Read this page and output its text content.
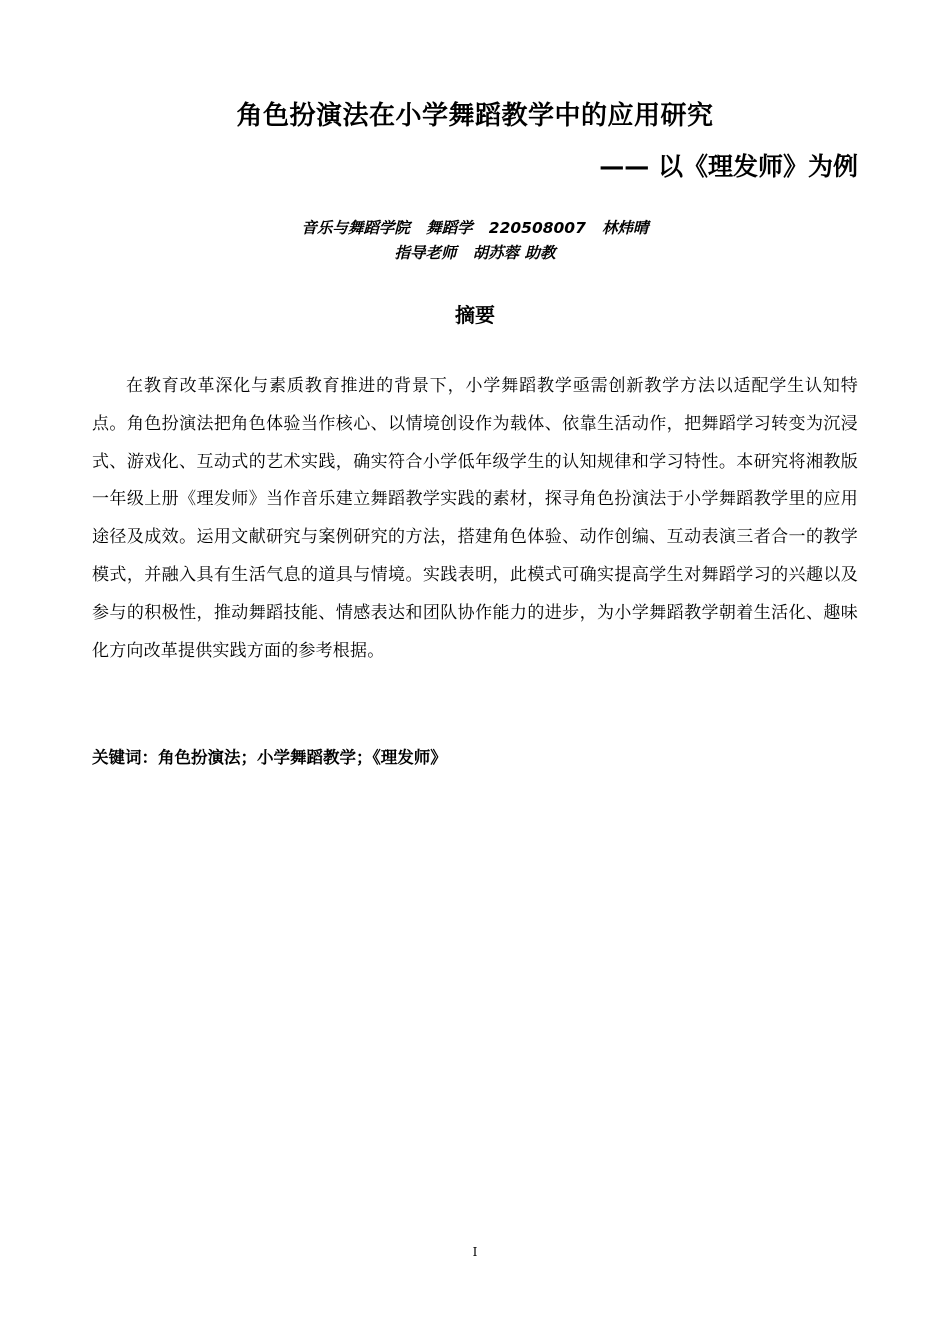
角色扮演法在小学舞蹈教学中的应用研究
—— 以《理发师》为例
音乐与舞蹈学院   舞蹈学   220508007   林炜晴
指导老师   胡苏蓉 助教
摘要
在教育改革深化与素质教育推进的背景下，小学舞蹈教学亟需创新教学方法以适配学生认知特点。角色扮演法把角色体验当作核心、以情境创设作为载体、依靠生活动作，把舞蹈学习转变为沉浸式、游戏化、互动式的艺术实践，确实符合小学低年级学生的认知规律和学习特性。本研究将湘教版一年级上册《理发师》当作音乐建立舞蹈教学实践的素材，探寻角色扮演法于小学舞蹈教学里的应用途径及成效。运用文献研究与案例研究的方法，搭建角色体验、动作创编、互动表演三者合一的教学模式，并融入具有生活气息的道具与情境。实践表明，此模式可确实提高学生对舞蹈学习的兴趣以及参与的积极性，推动舞蹈技能、情感表达和团队协作能力的进步，为小学舞蹈教学朝着生活化、趣味化方向改革提供实践方面的参考根据。
关键词：角色扮演法；小学舞蹈教学；《理发师》
I
